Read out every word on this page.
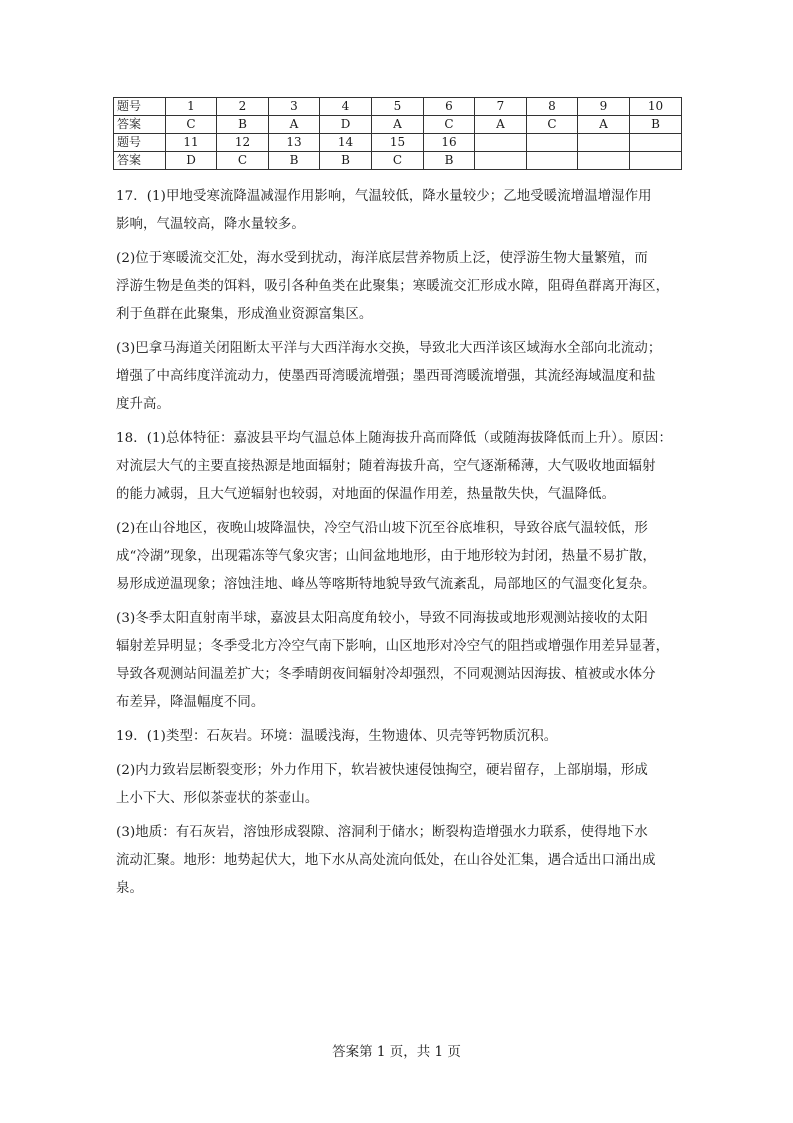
题号	1	2	3	4	5	6	7	8	9	10
答案	C	B	A	D	A	C	A	C	A	B
题号	11	12	13	14	15	16				
答案	D	C	B	B	C	B				

17．(1)甲地受寒流降温减湿作用影响，气温较低，降水量较少；乙地受暖流增温增湿作用
影响，气温较高，降水量较多。

(2)位于寒暖流交汇处，海水受到扰动，海洋底层营养物质上泛，使浮游生物大量繁殖，而
浮游生物是鱼类的饵料，吸引各种鱼类在此聚集；寒暖流交汇形成水障，阻碍鱼群离开海区，
利于鱼群在此聚集，形成渔业资源富集区。

(3)巴拿马海道关闭阻断太平洋与大西洋海水交换，导致北大西洋该区域海水全部向北流动；
增强了中高纬度洋流动力，使墨西哥湾暖流增强；墨西哥湾暖流增强，其流经海域温度和盐
度升高。

18．(1)总体特征：嘉波县平均气温总体上随海拔升高而降低（或随海拔降低而上升）。原因：
对流层大气的主要直接热源是地面辐射；随着海拔升高，空气逐渐稀薄，大气吸收地面辐射
的能力减弱，且大气逆辐射也较弱，对地面的保温作用差，热量散失快，气温降低。

(2)在山谷地区，夜晚山坡降温快，冷空气沿山坡下沉至谷底堆积，导致谷底气温较低，形
成“冷湖”现象，出现霜冻等气象灾害；山间盆地地形，由于地形较为封闭，热量不易扩散，
易形成逆温现象；溶蚀洼地、峰丛等喀斯特地貌导致气流紊乱，局部地区的气温变化复杂。

(3)冬季太阳直射南半球，嘉波县太阳高度角较小，导致不同海拔或地形观测站接收的太阳
辐射差异明显；冬季受北方冷空气南下影响，山区地形对冷空气的阻挡或增强作用差异显著，
导致各观测站间温差扩大；冬季晴朗夜间辐射冷却强烈，不同观测站因海拔、植被或水体分
布差异，降温幅度不同。

19．(1)类型：石灰岩。环境：温暖浅海，生物遗体、贝壳等钙物质沉积。

(2)内力致岩层断裂变形；外力作用下，软岩被快速侵蚀掏空，硬岩留存，上部崩塌，形成
上小下大、形似茶壶状的茶壶山。

(3)地质：有石灰岩，溶蚀形成裂隙、溶洞利于储水；断裂构造增强水力联系，使得地下水
流动汇聚。地形：地势起伏大，地下水从高处流向低处，在山谷处汇集，遇合适出口涌出成
泉。

答案第 1 页，共 1 页
